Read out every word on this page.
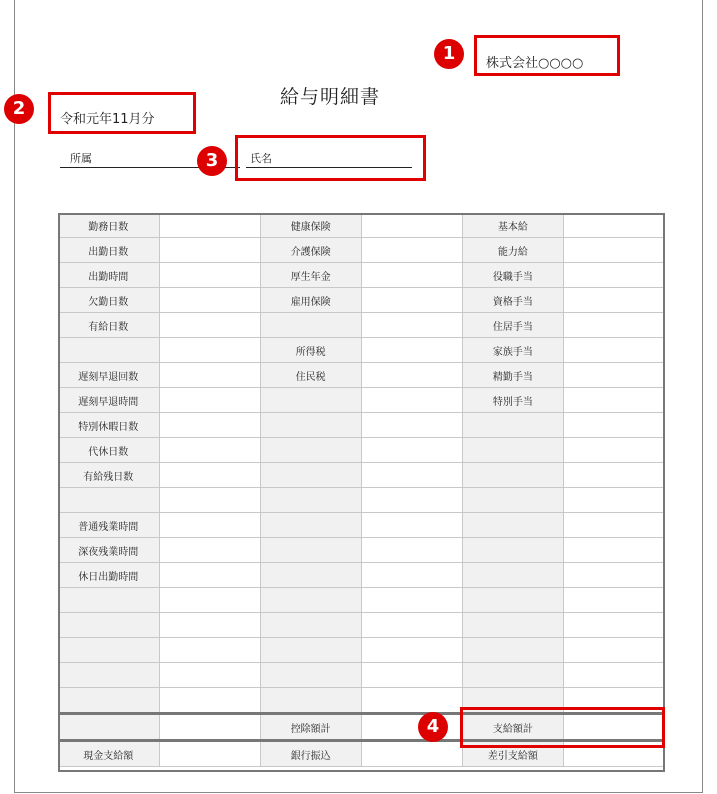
給与明細書
株式会社○○○○
1
令和元年11月分
2
所属	氏名
3
勤務日数		健康保険		基本給	
出勤日数		介護保険		能力給	
出勤時間		厚生年金		役職手当	
欠勤日数		雇用保険		資格手当	
有給日数				住居手当	
		所得税		家族手当	
遅刻早退回数		住民税		精勤手当	
遅刻早退時間				特別手当	
特別休暇日数					
代休日数					
有給残日数					

普通残業時間					
深夜残業時間					
休日出勤時間					

		控除額計		支給額計	
現金支給額		銀行振込		差引支給額	
4
